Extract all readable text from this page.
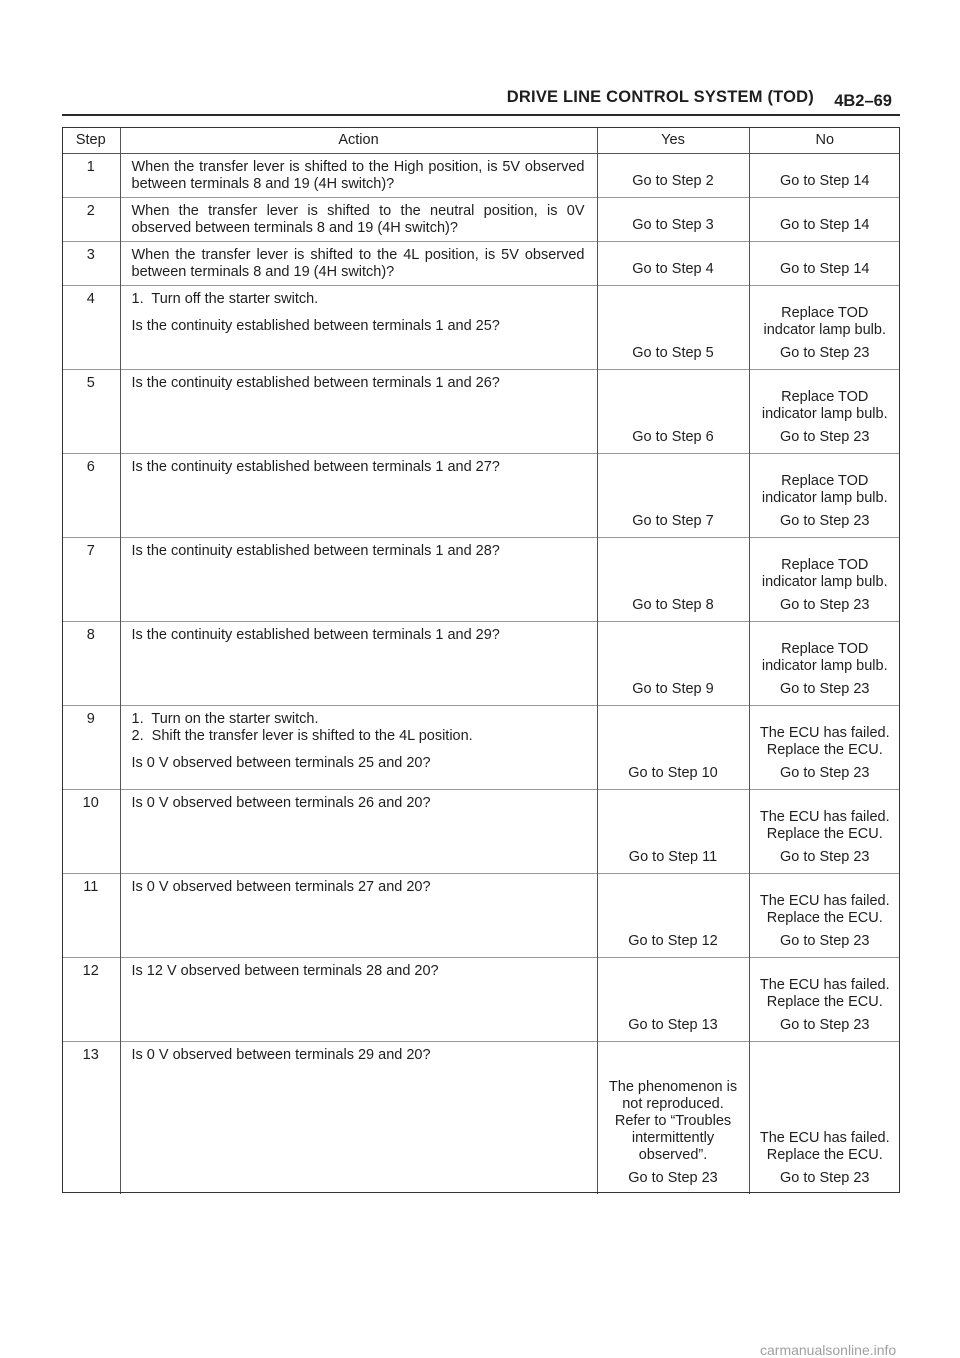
DRIVE LINE CONTROL SYSTEM (TOD) 4B2–69
Step	Action	Yes	No
1	When the transfer lever is shifted to the High position, is 5V observed between terminals 8 and 19 (4H switch)?	Go to Step 2	Go to Step 14

2	When the transfer lever is shifted to the neutral position, is 0V observed between terminals 8 and 19 (4H switch)?	Go to Step 3	Go to Step 14

3	When the transfer lever is shifted to the 4L position, is 5V observed between terminals 8 and 19 (4H switch)?	Go to Step 4	Go to Step 14

4	1.  Turn off the starter switch.
Is the continuity established between terminals 1 and 25?	Go to Step 5	Replace TOD indcator lamp bulb.
Go to Step 23

5	Is the continuity established between terminals 1 and 26?	Go to Step 6	Replace TOD indicator lamp bulb.
Go to Step 23

6	Is the continuity established between terminals 1 and 27?	Go to Step 7	Replace TOD indicator lamp bulb.
Go to Step 23

7	Is the continuity established between terminals 1 and 28?	Go to Step 8	Replace TOD indicator lamp bulb.
Go to Step 23

8	Is the continuity established between terminals 1 and 29?	Go to Step 9	Replace TOD indicator lamp bulb.
Go to Step 23

9	1.  Turn on the starter switch.
2.  Shift the transfer lever is shifted to the 4L position.
Is 0 V observed between terminals 25 and 20?	Go to Step 10	The ECU has failed. Replace the ECU.
Go to Step 23

10	Is 0 V observed between terminals 26 and 20?	Go to Step 11	The ECU has failed. Replace the ECU.
Go to Step 23

11	Is 0 V observed between terminals 27 and 20?	Go to Step 12	The ECU has failed. Replace the ECU.
Go to Step 23

12	Is 12 V observed between terminals 28 and 20?	Go to Step 13	The ECU has failed. Replace the ECU.
Go to Step 23

13	Is 0 V observed between terminals 29 and 20?	The phenomenon is not reproduced. Refer to “Troubles intermittently observed”.
Go to Step 23	The ECU has failed. Replace the ECU.
Go to Step 23
carmanualsonline.info
